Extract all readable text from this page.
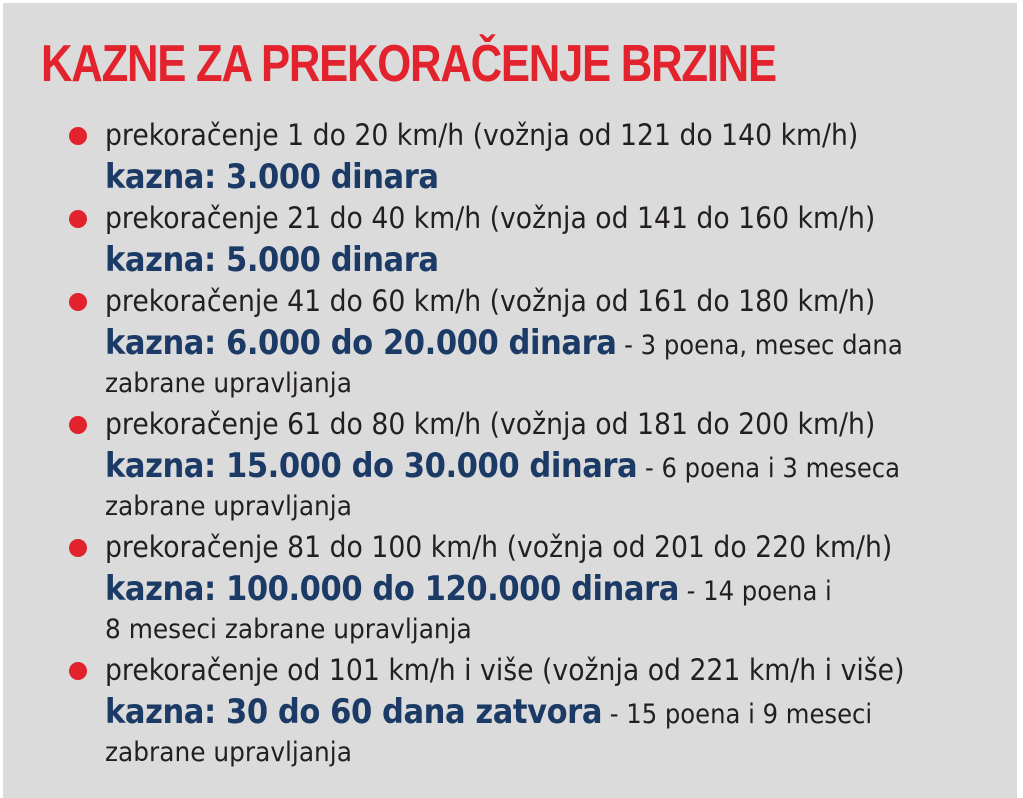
KAZNE ZA PREKORAČENJE BRZINE
prekoračenje 1 do 20 km/h (vožnja od 121 do 140 km/h)
kazna: 3.000 dinara
prekoračenje 21 do 40 km/h (vožnja od 141 do 160 km/h)
kazna: 5.000 dinara
prekoračenje 41 do 60 km/h (vožnja od 161 do 180 km/h)
kazna: 6.000 do 20.000 dinara - 3 poena, mesec dana
zabrane upravljanja
prekoračenje 61 do 80 km/h (vožnja od 181 do 200 km/h)
kazna: 15.000 do 30.000 dinara - 6 poena i 3 meseca
zabrane upravljanja
prekoračenje 81 do 100 km/h (vožnja od 201 do 220 km/h)
kazna: 100.000 do 120.000 dinara - 14 poena i
8 meseci zabrane upravljanja
prekoračenje od 101 km/h i više (vožnja od 221 km/h i više)
kazna: 30 do 60 dana zatvora - 15 poena i 9 meseci
zabrane upravljanja
